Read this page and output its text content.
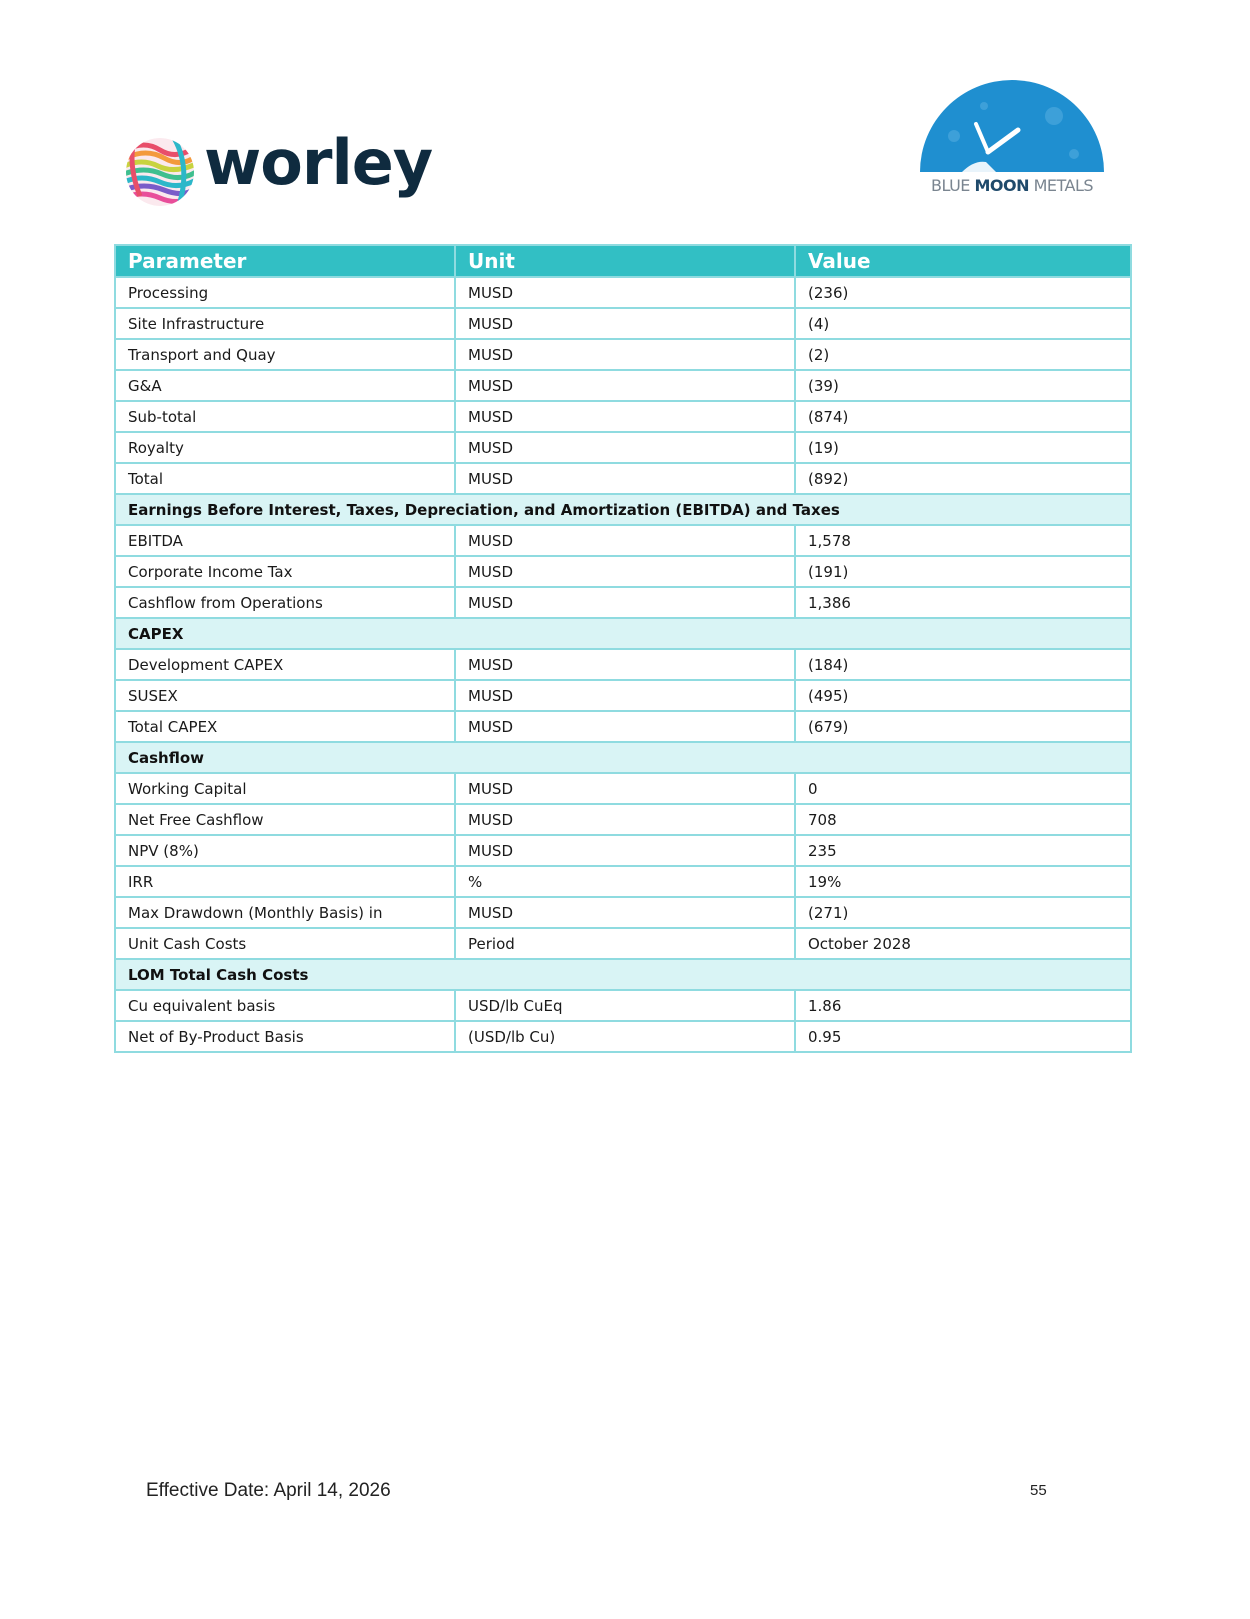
worley	BLUE MOON METALS
Parameter	Unit	Value
Processing	MUSD	(236)
Site Infrastructure	MUSD	(4)
Transport and Quay	MUSD	(2)
G&A	MUSD	(39)
Sub-total	MUSD	(874)
Royalty	MUSD	(19)
Total	MUSD	(892)
Earnings Before Interest, Taxes, Depreciation, and Amortization (EBITDA) and Taxes		
EBITDA	MUSD	1,578
Corporate Income Tax	MUSD	(191)
Cashflow from Operations	MUSD	1,386
CAPEX		
Development CAPEX	MUSD	(184)
SUSEX	MUSD	(495)
Total CAPEX	MUSD	(679)
Cashflow		
Working Capital	MUSD	0
Net Free Cashflow	MUSD	708
NPV (8%)	MUSD	235
IRR	%	19%
Max Drawdown (Monthly Basis) in	MUSD	(271)
Unit Cash Costs	Period	October 2028
LOM Total Cash Costs		
Cu equivalent basis	USD/lb CuEq	1.86
Net of By-Product Basis	(USD/lb Cu)	0.95
Effective Date: April 14, 2026	55
